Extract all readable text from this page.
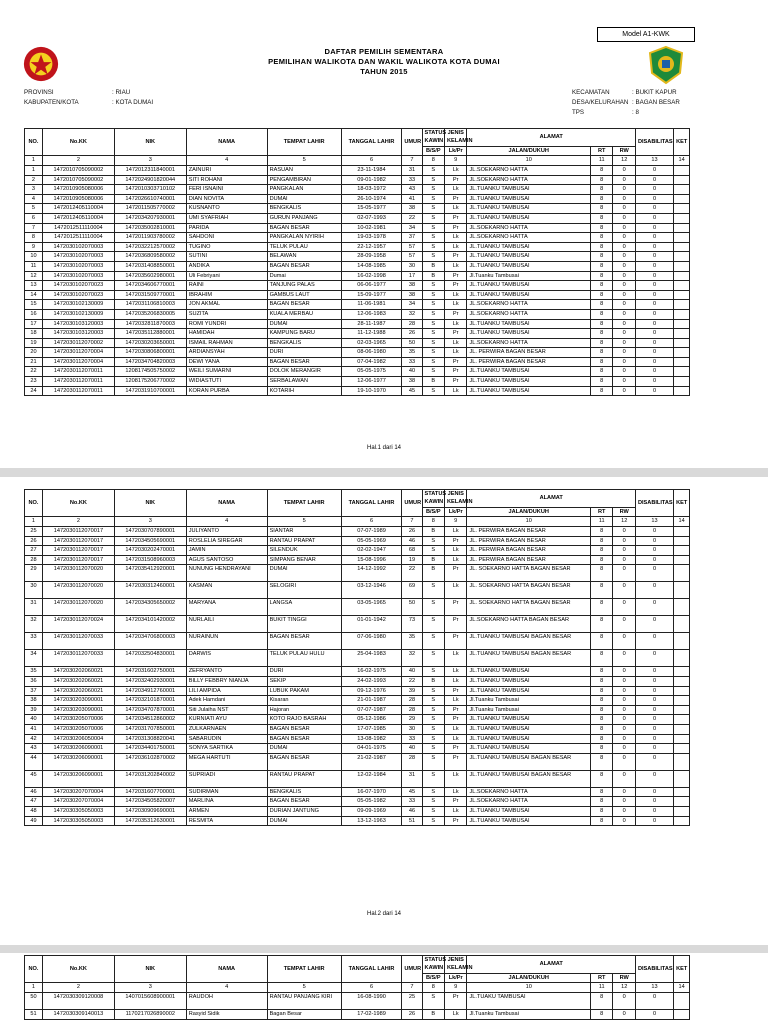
Model A1-KWK
DAFTAR PEMILIH SEMENTARA
PEMILIHAN WALIKOTA DAN WAKIL WALIKOTA KOTA DUMAI
TAHUN 2015
PROVINSI	: RIAU
KABUPATEN/KOTA	: KOTA DUMAI
KECAMATAN	: BUKIT KAPUR
DESA/KELURAHAN : BAGAN BESAR
TPS	: 8
NO.	No.KK	NIK	NAMA	TEMPAT LAHIR	TANGGAL LAHIR	UMUR	STATUS KAWIN	JENIS KELAMIN	ALAMAT			DISABILITAS	KET
							B/S/P	Lk/Pr	JALAN/DUKUH	RT	RW		
1	2	3	4	5	6	7	8	9	10	11	12	13	14
1	1472010705090002	1472012311840001	ZAINURI	RASUAN	23-11-1984	31	S	Lk	JL.SOEKARNO HATTA	8	0	0	
2	1472010705090002	1472024901820044	SITI ROHANI	PENGAMBIRAN	09-01-1982	33	S	Pr	JL.SOEKARNO HATTA	8	0	0	
3	1472010905080006	1472010303710102	FERI ISNAINI	PANGKALAN	18-03-1972	43	S	Lk	JL.TUANKU TAMBUSAI	8	0	0	
4	1472010905080006	1472026610740001	DIAN NOVITA	DUMAI	26-10-1974	41	S	Pr	JL.TUANKU TAMBUSAI	8	0	0	
5	1472012405110004	1472011505770002	KUSNANTO	BENGKALIS	15-05-1977	38	S	Lk	JL.TUANKU TAMBUSAI	8	0	0	
6	1472012405110004	1472034207930001	UMI SYAFRIAH	GURUN PANJANG	02-07-1993	22	S	Pr	JL.TUANKU TAMBUSAI	8	0	0	
7	1472012511110004	1472035002810001	PARIDA	BAGAN BESAR	10-02-1981	34	S	Pr	JL.SOEKARNO HATTA	8	0	0	
8	1472012511110004	1472011903780002	SAHDONI	PANGKALAN NYIRIH	19-03-1978	37	S	Lk	JL.SOEKARNO HATTA	8	0	0	
9	1472030102070003	1472032212570002	TUGINO	TELUK PULAU	22-12-1957	57	S	Lk	JL.TUANKU TAMBUSAI	8	0	0	
10	1472030102070003	1472036809580002	SUTINI	BELAWAN	28-09-1958	57	S	Pr	JL.TUANKU TAMBUSAI	8	0	0	
11	1472030102070003	1472031408850001	ANDIKA	BAGAN BESAR	14-08-1985	30	B	Lk	JL.TUANKU TAMBUSAI	8	0	0	
12	1472030102070003	1472035602980001	Uli Febriyani	Dumai	16-02-1998	17	B	Pr	Jl.Tuanku Tambusai	8	0	0	
13	1472030102070023	1472034606770001	RAINI	TANJUNG PALAS	06-06-1977	38	S	Pr	JL.TUANKU TAMBUSAI	8	0	0	
14	1472030102070023	1472031509770001	IBRAHIM	GAMBUS LAUT	15-09-1977	38	S	Lk	JL.TUANKU TAMBUSAI	8	0	0	
15	1472030102130009	1472031106810003	JON AKMAL	BAGAN BESAR	11-06-1981	34	S	Lk	JL.SOEKARNO HATTA	8	0	0	
16	1472030102130009	1472035206830005	SUZITA	KUALA MERBAU	12-06-1983	32	S	Pr	JL.SOEKARNO HATTA	8	0	0	
17	1472030103120003	1472032811870003	ROMI YUNDRI	DUMAI	28-11-1987	28	S	Lk	JL.TUANKU TAMBUSAI	8	0	0	
18	1472030103120003	1472035112880001	HAMIDAH	KAMPUNG BARU	11-12-1988	26	S	Pr	JL.TUANKU TAMBUSAI	8	0	0	
19	1472030112070002	1472030203650001	ISMAIL RAHMAN	BENGKALIS	02-03-1965	50	S	Lk	JL.SOEKARNO HATTA	8	0	0	
20	1472030112070004	1472030806800001	ARDIANSYAH	DURI	08-06-1980	35	S	Lk	JL. PERWIRA BAGAN BESAR	8	0	0	
21	1472030112070004	1472034704820003	DEWI YANA	BAGAN BESAR	07-04-1982	33	S	Pr	JL. PERWIRA BAGAN BESAR	8	0	0	
22	1472030112070011	1208174505750002	WEILI SUMARNI	DOLOK MERANGIR	05-05-1975	40	S	Pr	JL.TUANKU TAMBUSAI	8	0	0	
23	1472030112070011	1208175206770002	WIDIASTUTI	SERBALAWAN	12-06-1977	38	B	Pr	JL.TUANKU TAMBUSAI	8	0	0	
24	1472030112070011	1472031910700001	KORAN PURBA	KOTARIH	19-10-1970	45	S	Lk	JL.TUANKU TAMBUSAI	8	0	0	
Hal.1 dari 14
NO.	No.KK	NIK	NAMA	TEMPAT LAHIR	TANGGAL LAHIR	UMUR	STATUS KAWIN	JENIS KELAMIN	ALAMAT			DISABILITAS	KET
							B/S/P	Lk/Pr	JALAN/DUKUH	RT	RW		
1	2	3	4	5	6	7	8	9	10	11	12	13	14
25	1472030112070017	1472030707890001	JULIYANTO	SIANTAR	07-07-1989	26	B	Lk	JL. PERWIRA BAGAN BESAR	8	0	0	
26	1472030112070017	1472034505690001	ROSLELIA SIREGAR	RANTAU PRAPAT	05-05-1969	46	S	Pr	JL. PERWIRA BAGAN BESAR	8	0	0	
27	1472030112070017	1472030202470001	JAMIN	SILENDUK	02-02-1947	68	S	Lk	JL. PERWIRA BAGAN BESAR	8	0	0	
28	1472030112070017	1472031508960003	AGUS SANTOSO	SIMPANG BENAR	15-08-1996	19	B	Lk	JL. PERWIRA BAGAN BESAR	8	0	0	
29	1472030112070020	1472035412920001	NUNUNG HENDRAYANI	DUMAI	14-12-1992	22	B	Pr	JL. SOEKARNO HATTA BAGAN BESAR	8	0	0	
30	1472030112070020	1472030312460001	KASMAN	SELOGIRI	03-12-1946	69	S	Lk	JL. SOEKARNO HATTA BAGAN BESAR	8	0	0	
31	1472030112070020	1472034305650002	MARYANA	LANGSA	03-05-1965	50	S	Pr	JL. SOEKARNO HATTA BAGAN BESAR	8	0	0	
32	1472030112070024	1472034101420002	NURLAILI	BUKIT TINGGI	01-01-1942	73	S	Pr	JL.SOEKARNO HATTA BAGAN BESAR	8	0	0	
33	1472030112070033	1472034706800003	NURAINUN	BAGAN BESAR	07-06-1980	35	S	Pr	JL.TUANKU TAMBUSAI BAGAN BESAR	8	0	0	
34	1472030112070033	1472032504830001	DARWIS	TELUK PULAU HULU	25-04-1983	32	S	Lk	JL.TUANKU TAMBUSAI BAGAN BESAR	8	0	0	
35	1472030202060021	1472031602750001	ZEFRYANTO	DURI	16-02-1975	40	S	Lk	JL.TUANKU TAMBUSAI	8	0	0	
36	1472030202060021	1472032402930001	BILLY FEBBRY NIANJA	SEKIP	24-02-1993	22	B	Lk	JL.TUANKU TAMBUSAI	8	0	0	
37	1472030202060021	1472034912760001	LILI AMPIDA	LUBUK PAKAM	09-12-1976	39	S	Pr	JL.TUANKU TAMBUSAI	8	0	0	
38	1472030203090001	1472032101870001	Adek Hamdani	Kisaran	21-01-1987	28	S	Lk	Jl.Tuanku Tambusai	8	0	0	
39	1472030203090001	1472034707870001	Siti Julaiha NST	Hajoran	07-07-1987	28	S	Pr	Jl.Tuanku Tambusai	8	0	0	
40	1472030205070006	1472034512860002	KURNIATI AYU	KOTO RAJO BASRAH	05-12-1986	29	S	Pr	JL.TUANKU TAMBUSAI	8	0	0	
41	1472030205070006	1472031707850001	ZULKARNAEN	BAGAN BESAR	17-07-1985	30	S	Lk	JL.TUANKU TAMBUSAI	8	0	0	
42	1472030206050004	1472031308820041	SABARUDIN	BAGAN BESAR	13-08-1982	33	S	Lk	JL.TUANKU TAMBUSAI	8	0	0	
43	1472030206090001	1472034401750001	SONYA SARTIKA	DUMAI	04-01-1975	40	S	Pr	JL.TUANKU TAMBUSAI	8	0	0	
44	1472030206090001	1472036102870002	MEGA HARTUTI	BAGAN BESAR	21-02-1987	28	S	Pr	JL.TUANKU TAMBUSAI BAGAN BESAR	8	0	0	
45	1472030206090001	1472031202840002	SUPRIADI	RANTAU PRAPAT	12-02-1984	31	S	Lk	JL.TUANKU TAMBUSAI BAGAN BESAR	8	0	0	
46	1472030207070004	1472031607700001	SUDIRMAN	BENGKALIS	16-07-1970	45	S	Lk	JL.SOEKARNO HATTA	8	0	0	
47	1472030207070004	1472034505820007	MARLINA	BAGAN BESAR	05-05-1982	33	S	Pr	JL.SOEKARNO HATTA	8	0	0	
48	1472030305050003	1472030909690001	ARMEN	DURIAN JANTUNG	09-09-1969	46	S	Lk	JL.TUANKU TAMBUSAI	8	0	0	
49	1472030305050003	1472035312630001	RESMITA	DUMAI	13-12-1963	51	S	Pr	JL.TUANKU TAMBUSAI	8	0	0	
Hal.2 dari 14
NO.	No.KK	NIK	NAMA	TEMPAT LAHIR	TANGGAL LAHIR	UMUR	STATUS KAWIN	JENIS KELAMIN	ALAMAT			DISABILITAS	KET
							B/S/P	Lk/Pr	JALAN/DUKUH	RT	RW		
1	2	3	4	5	6	7	8	9	10	11	12	13	14
50	1472030309120008	1407015608900001	RAUDOH	RANTAU PANJANG KIRI	16-08-1990	25	S	Pr	JL.TUAKU TAMBUSAI	8	0	0	
51	1472030309140013	1170217026890002	Rasyid Sidik	Bagan Besar	17-02-1989	26	B	Lk	Jl.Tuanku Tambusai	8	0	0	
